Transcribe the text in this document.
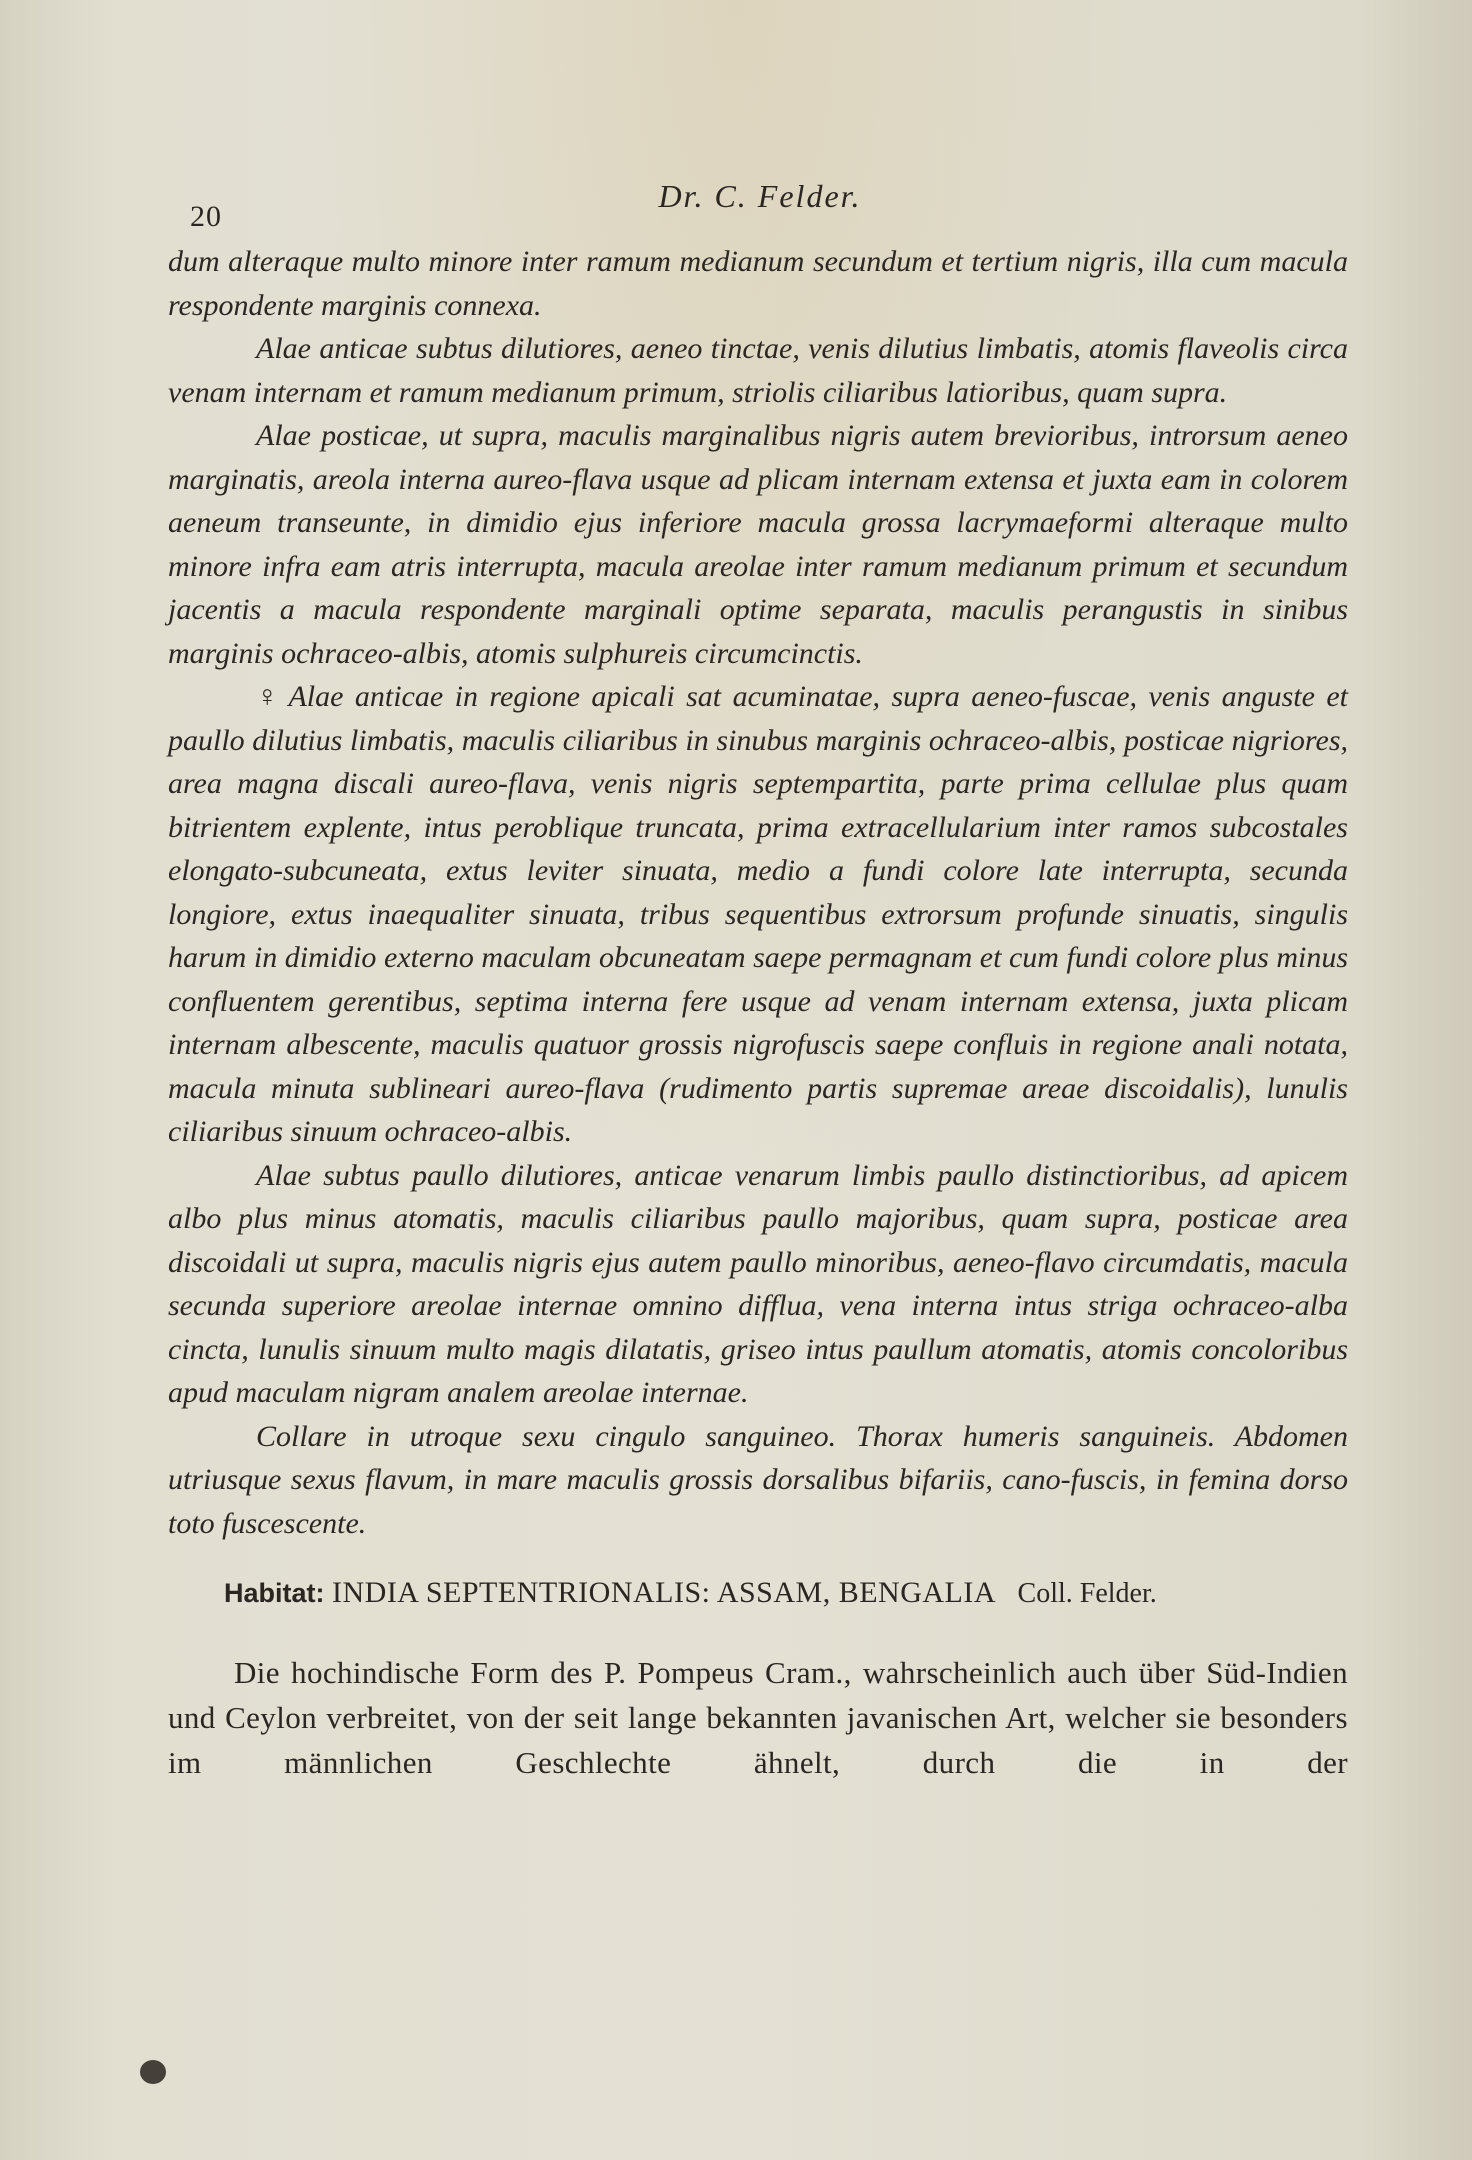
20
Dr. C. Felder.

dum alteraque multo minore inter ramum medianum secundum et tertium nigris, illa cum macula respondente marginis connexa.

Alae anticae subtus dilutiores, aeneo tinctae, venis dilutius limbatis, atomis flaveolis circa venam internam et ramum medianum primum, striolis ciliaribus latioribus, quam supra.

Alae posticae, ut supra, maculis marginalibus nigris autem brevioribus, introrsum aeneo marginatis, areola interna aureo-flava usque ad plicam internam extensa et juxta eam in colorem aeneum transeunte, in dimidio ejus inferiore macula grossa lacrymaeformi alteraque multo minore infra eam atris interrupta, macula areolae inter ramum medianum primum et secundum jacentis a macula respondente marginali optime separata, maculis perangustis in sinibus marginis ochraceo-albis, atomis sulphureis circumcinctis.

♀ Alae anticae in regione apicali sat acuminatae, supra aeneo-fuscae, venis anguste et paullo dilutius limbatis, maculis ciliaribus in sinubus marginis ochraceo-albis, posticae nigriores, area magna discali aureo-flava, venis nigris septempartita, parte prima cellulae plus quam bitrientem explente, intus peroblique truncata, prima extracellularium inter ramos subcostales elongato-subcuneata, extus leviter sinuata, medio a fundi colore late interrupta, secunda longiore, extus inaequaliter sinuata, tribus sequentibus extrorsum profunde sinuatis, singulis harum in dimidio externo maculam obcuneatam saepe permagnam et cum fundi colore plus minus confluentem gerentibus, septima interna fere usque ad venam internam extensa, juxta plicam internam albescente, maculis quatuor grossis nigrofuscis saepe confluis in regione anali notata, macula minuta sublineari aureo-flava (rudimento partis supremae areae discoidalis), lunulis ciliaribus sinuum ochraceo-albis.

Alae subtus paullo dilutiores, anticae venarum limbis paullo distinctioribus, ad apicem albo plus minus atomatis, maculis ciliaribus paullo majoribus, quam supra, posticae area discoidali ut supra, maculis nigris ejus autem paullo minoribus, aeneo-flavo circumdatis, macula secunda superiore areolae internae omnino difflua, vena interna intus striga ochraceo-alba cincta, lunulis sinuum multo magis dilatatis, griseo intus paullum atomatis, atomis concoloribus apud maculam nigram analem areolae internae.

Collare in utroque sexu cingulo sanguineo. Thorax humeris sanguineis. Abdomen utriusque sexus flavum, in mare maculis grossis dorsalibus bifariis, cano-fuscis, in femina dorso toto fuscescente.

Habitat: INDIA SEPTENTRIONALIS: ASSAM, BENGALIA Coll. Felder.

Die hochindische Form des P. Pompeus Cram., wahrscheinlich auch über Süd-Indien und Ceylon verbreitet, von der seit lange bekannten javanischen Art, welcher sie besonders im männlichen Geschlechte ähnelt, durch die in der
